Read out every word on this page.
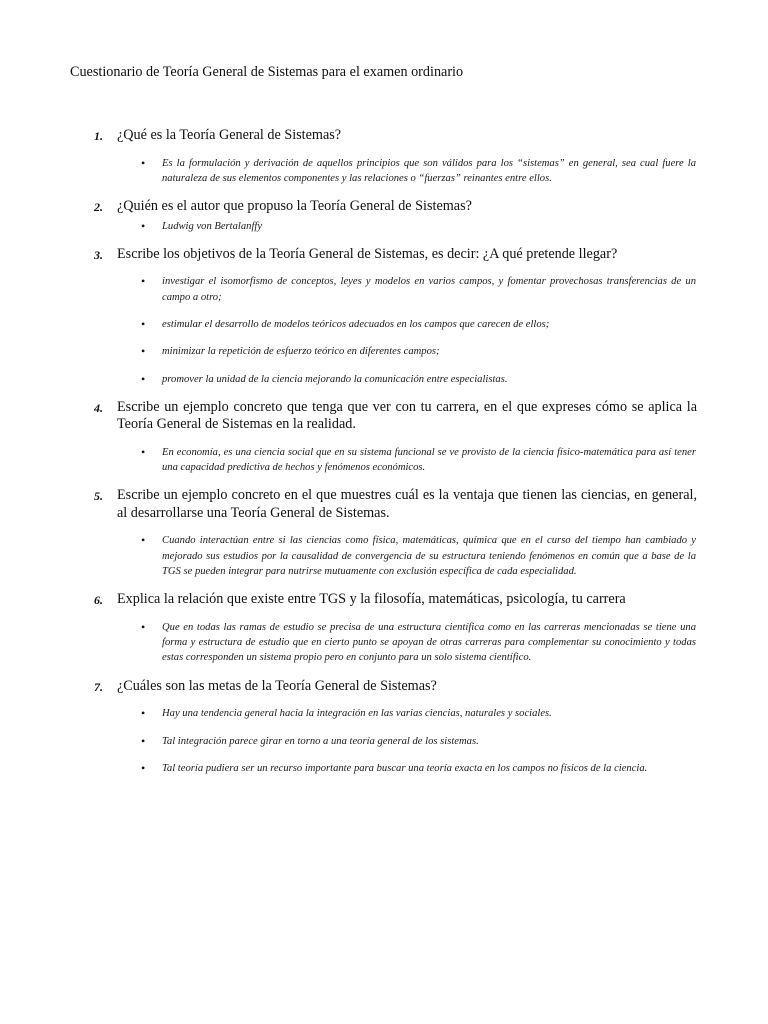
Cuestionario de Teoría General de Sistemas para el examen ordinario
1. ¿Qué es la Teoría General de Sistemas?

• Es la formulación y derivación de aquellos principios que son válidos para los “sistemas” en general, sea cual fuere la naturaleza de sus elementos componentes y las relaciones o “fuerzas” reinantes entre ellos.

2. ¿Quién es el autor que propuso la Teoría General de Sistemas?

• Ludwig von Bertalanffy

3. Escribe los objetivos de la Teoría General de Sistemas, es decir: ¿A qué pretende llegar?

• investigar el isomorfismo de conceptos, leyes y modelos en varios campos, y fomentar provechosas transferencias de un campo a otro;

• estimular el desarrollo de modelos teóricos adecuados en los campos que carecen de ellos;

• minimizar la repetición de esfuerzo teórico en diferentes campos;

• promover la unidad de la ciencia mejorando la comunicación entre especialistas.

4. Escribe un ejemplo concreto que tenga que ver con tu carrera, en el que expreses cómo se aplica la Teoría General de Sistemas en la realidad.

• En economía, es una ciencia social que en su sistema funcional se ve provisto de la ciencia físico-matemática para así tener una capacidad predictiva de hechos y fenómenos económicos.

5. Escribe un ejemplo concreto en el que muestres cuál es la ventaja que tienen las ciencias, en general, al desarrollarse una Teoría General de Sistemas.

• Cuando interactúan entre si las ciencias como física, matemáticas, química que en el curso del tiempo han cambiado y mejorado sus estudios por la causalidad de convergencia de su estructura teniendo fenómenos en común que a base de la TGS se pueden integrar para nutrirse mutuamente con exclusión específica de cada especialidad.

6. Explica la relación que existe entre TGS y la filosofía, matemáticas, psicología, tu carrera

• Que en todas las ramas de estudio se precisa de una estructura científica como en las carreras mencionadas se tiene una forma y estructura de estudio que en cierto punto se apoyan de otras carreras para complementar su conocimiento y todas estas corresponden un sistema propio pero en conjunto para un solo sistema científico.

7. ¿Cuáles son las metas de la Teoría General de Sistemas?

• Hay una tendencia general hacia la integración en las varias ciencias, naturales y sociales.

• Tal integración parece girar en torno a una teoría general de los sistemas.

• Tal teoría pudiera ser un recurso importante para buscar una teoría exacta en los campos no físicos de la ciencia.
